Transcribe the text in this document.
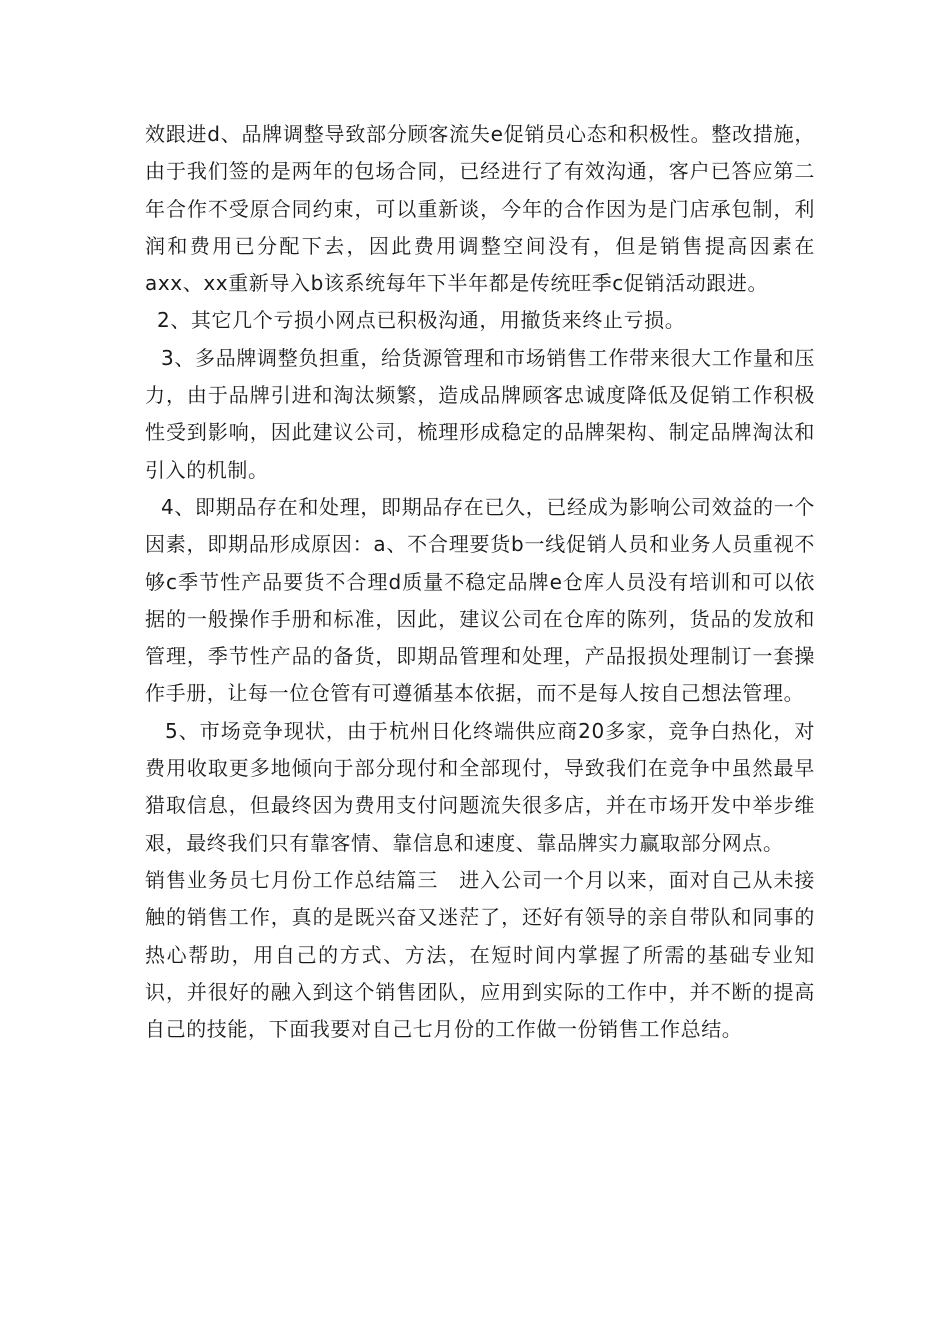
效跟进d、品牌调整导致部分顾客流失e促销员心态和积极性。整改措施，由于我们签的是两年的包场合同，已经进行了有效沟通，客户已答应第二年合作不受原合同约束，可以重新谈，今年的合作因为是门店承包制，利润和费用已分配下去，因此费用调整空间没有，但是销售提高因素在axx、xx重新导入b该系统每年下半年都是传统旺季c促销活动跟进。

2、其它几个亏损小网点已积极沟通，用撤货来终止亏损。

3、多品牌调整负担重，给货源管理和市场销售工作带来很大工作量和压力，由于品牌引进和淘汰频繁，造成品牌顾客忠诚度降低及促销工作积极性受到影响，因此建议公司，梳理形成稳定的品牌架构、制定品牌淘汰和引入的机制。

4、即期品存在和处理，即期品存在已久，已经成为影响公司效益的一个因素，即期品形成原因：a、不合理要货b一线促销人员和业务人员重视不够c季节性产品要货不合理d质量不稳定品牌e仓库人员没有培训和可以依据的一般操作手册和标准，因此，建议公司在仓库的陈列，货品的发放和管理，季节性产品的备货，即期品管理和处理，产品报损处理制订一套操作手册，让每一位仓管有可遵循基本依据，而不是每人按自己想法管理。

5、市场竞争现状，由于杭州日化终端供应商20多家，竞争白热化，对费用收取更多地倾向于部分现付和全部现付，导致我们在竞争中虽然最早猎取信息，但最终因为费用支付问题流失很多店，并在市场开发中举步维艰，最终我们只有靠客情、靠信息和速度、靠品牌实力赢取部分网点。

销售业务员七月份工作总结篇三　进入公司一个月以来，面对自己从未接触的销售工作，真的是既兴奋又迷茫了，还好有领导的亲自带队和同事的热心帮助，用自己的方式、方法，在短时间内掌握了所需的基础专业知识，并很好的融入到这个销售团队，应用到实际的工作中，并不断的提高自己的技能，下面我要对自己七月份的工作做一份销售工作总结。
